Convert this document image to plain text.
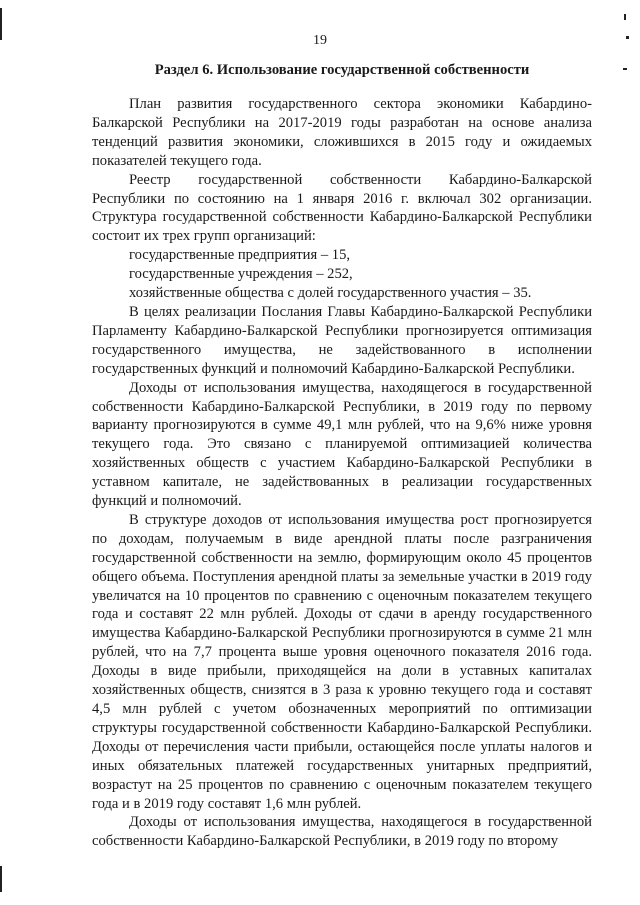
19
Раздел 6. Использование государственной собственности

План развития государственного сектора экономики Кабардино-Балкарской Республики на 2017-2019 годы разработан на основе анализа тенденций развития экономики, сложившихся в 2015 году и ожидаемых показателей текущего года.

Реестр государственной собственности Кабардино-Балкарской Республики по состоянию на 1 января 2016 г. включал 302 организации. Структура государственной собственности Кабардино-Балкарской Республики состоит их трех групп организаций:

государственные предприятия – 15,
государственные учреждения – 252,
хозяйственные общества с долей государственного участия – 35.

В целях реализации Послания Главы Кабардино-Балкарской Республики Парламенту Кабардино-Балкарской Республики прогнозируется оптимизация государственного имущества, не задействованного в исполнении государственных функций и полномочий Кабардино-Балкарской Республики.

Доходы от использования имущества, находящегося в государственной собственности Кабардино-Балкарской Республики, в 2019 году по первому варианту прогнозируются в сумме 49,1 млн рублей, что на 9,6% ниже уровня текущего года. Это связано с планируемой оптимизацией количества хозяйственных обществ с участием Кабардино-Балкарской Республики в уставном капитале, не задействованных в реализации государственных функций и полномочий.

В структуре доходов от использования имущества рост прогнозируется по доходам, получаемым в виде арендной платы после разграничения государственной собственности на землю, формирующим около 45 процентов общего объема. Поступления арендной платы за земельные участки в 2019 году увеличатся на 10 процентов по сравнению с оценочным показателем текущего года и составят 22 млн рублей. Доходы от сдачи в аренду государственного имущества Кабардино-Балкарской Республики прогнозируются в сумме 21 млн рублей, что на 7,7 процента выше уровня оценочного показателя 2016 года. Доходы в виде прибыли, приходящейся на доли в уставных капиталах хозяйственных обществ, снизятся в 3 раза к уровню текущего года и составят 4,5 млн рублей с учетом обозначенных мероприятий по оптимизации структуры государственной собственности Кабардино-Балкарской Республики. Доходы от перечисления части прибыли, остающейся после уплаты налогов и иных обязательных платежей государственных унитарных предприятий, возрастут на 25 процентов по сравнению с оценочным показателем текущего года и в 2019 году составят 1,6 млн рублей.

Доходы от использования имущества, находящегося в государственной собственности Кабардино-Балкарской Республики, в 2019 году по второму
